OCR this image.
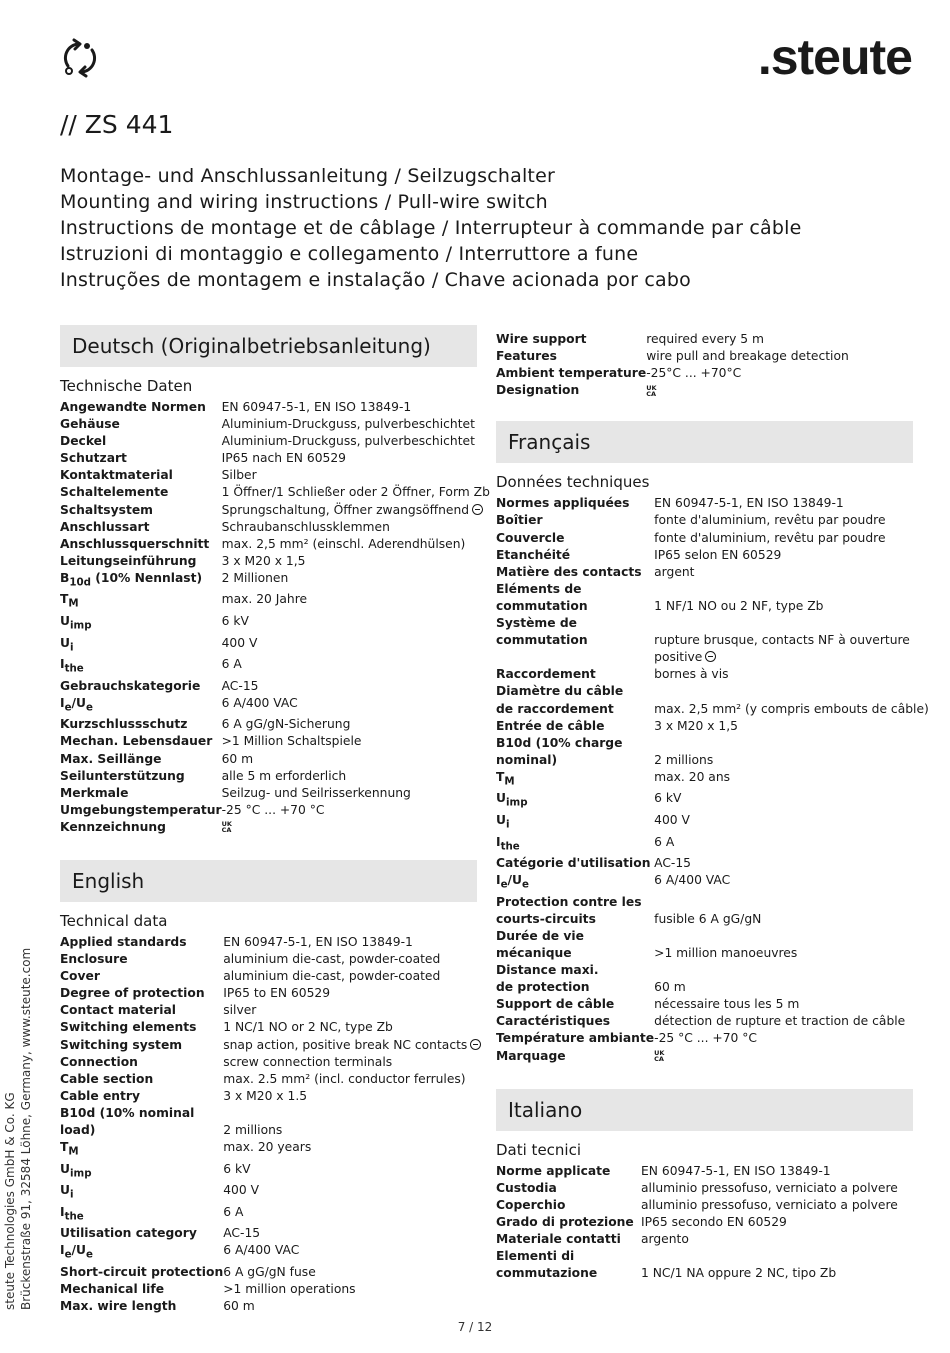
.steute
// ZS 441
Montage- und Anschlussanleitung / Seilzugschalter
Mounting and wiring instructions / Pull-wire switch
Instructions de montage et de câblage / Interrupteur à commande par câble
Istruzioni di montaggio e collegamento / Interruttore a fune
Instruções de montagem e instalação / Chave acionada por cabo
Deutsch (Originalbetriebsanleitung)
Technische Daten
Angewandte Normen	EN 60947-5-1, EN ISO 13849-1
Gehäuse	Aluminium-Druckguss, pulverbeschichtet
Deckel	Aluminium-Druckguss, pulverbeschichtet
Schutzart	IP65 nach EN 60529
Kontaktmaterial	Silber
Schaltelemente	1 Öffner/1 Schließer oder 2 Öffner, Form Zb
Schaltsystem	Sprungschaltung, Öffner zwangsöffnend
Anschlussart	Schraubanschlussklemmen
Anschlussquerschnitt	max. 2,5 mm² (einschl. Aderendhülsen)
Leitungseinführung	3 x M20 x 1,5
$B_{10d}$ (10% Nennlast)	2 Millionen
$T_M$	max. 20 Jahre
$U_{imp}$	6 kV
$U_i$	400 V
$I_{the}$	6 A
Gebrauchskategorie	AC-15
$I_e/U_e$	6 A/400 VAC
Kurzschlussschutz	6 A gG/gN-Sicherung
Mechan. Lebensdauer	>1 Million Schaltspiele
Max. Seillänge	60 m
Seilunterstützung	alle 5 m erforderlich
Merkmale	Seilzug- und Seilrisserkennung
Umgebungstemperatur	-25 °C ... +70 °C
Kennzeichnung	UK
CA
English
Technical data
Applied standards	EN 60947-5-1, EN ISO 13849-1
Enclosure	aluminium die-cast, powder-coated
Cover	aluminium die-cast, powder-coated
Degree of protection	IP65 to EN 60529
Contact material	silver
Switching elements	1 NC/1 NO or 2 NC, type Zb
Switching system	snap action, positive break NC contacts
Connection	screw connection terminals
Cable section	max. 2.5 mm² (incl. conductor ferrules)
Cable entry	3 x M20 x 1.5
B10d (10% nominal
load)	2 millions
$T_M$	max. 20 years
$U_{imp}$	6 kV
$U_i$	400 V
$I_{the}$	6 A
Utilisation category	AC-15
$I_e/U_e$	6 A/400 VAC
Short-circuit protection	6 A gG/gN fuse
Mechanical life	>1 million operations
Max. wire length	60 m
Wire support	required every 5 m
Features	wire pull and breakage detection
Ambient temperature	-25°C ... +70°C
Designation	UK
CA
Français
Données techniques
Normes appliquées	EN 60947-5-1, EN ISO 13849-1
Boîtier	fonte d'aluminium, revêtu par poudre
Couvercle	fonte d'aluminium, revêtu par poudre
Etanchéité	IP65 selon EN 60529
Matière des contacts	argent
Eléments de
commutation	1 NF/1 NO ou 2 NF, type Zb
Système de
commutation	rupture brusque, contacts NF à ouverture
positive
Raccordement	bornes à vis
Diamètre du câble
de raccordement	max. 2,5 mm² (y compris embouts de câble)
Entrée de câble	3 x M20 x 1,5
B10d (10% charge
nominal)	2 millions
$T_M$	max. 20 ans
$U_{imp}$	6 kV
$U_i$	400 V
$I_{the}$	6 A
Catégorie d'utilisation	AC-15
$I_e/U_e$	6 A/400 VAC
Protection contre les
courts-circuits	fusible 6 A gG/gN
Durée de vie
mécanique	>1 million manoeuvres
Distance maxi.
de protection	60 m
Support de câble	nécessaire tous les 5 m
Caractéristiques	détection de rupture et traction de câble
Température ambiante	-25 °C ... +70 °C
Marquage	UK
CA
Italiano
Dati tecnici
Norme applicate	EN 60947-5-1, EN ISO 13849-1
Custodia	alluminio pressofuso, verniciato a polvere
Coperchio	alluminio pressofuso, verniciato a polvere
Grado di protezione	IP65 secondo EN 60529
Materiale contatti	argento
Elementi di
commutazione	1 NC/1 NA oppure 2 NC, tipo Zb
steute Technologies GmbH & Co. KG Brückenstraße 91, 32584 Löhne, Germany, www.steute.com
7 / 12
